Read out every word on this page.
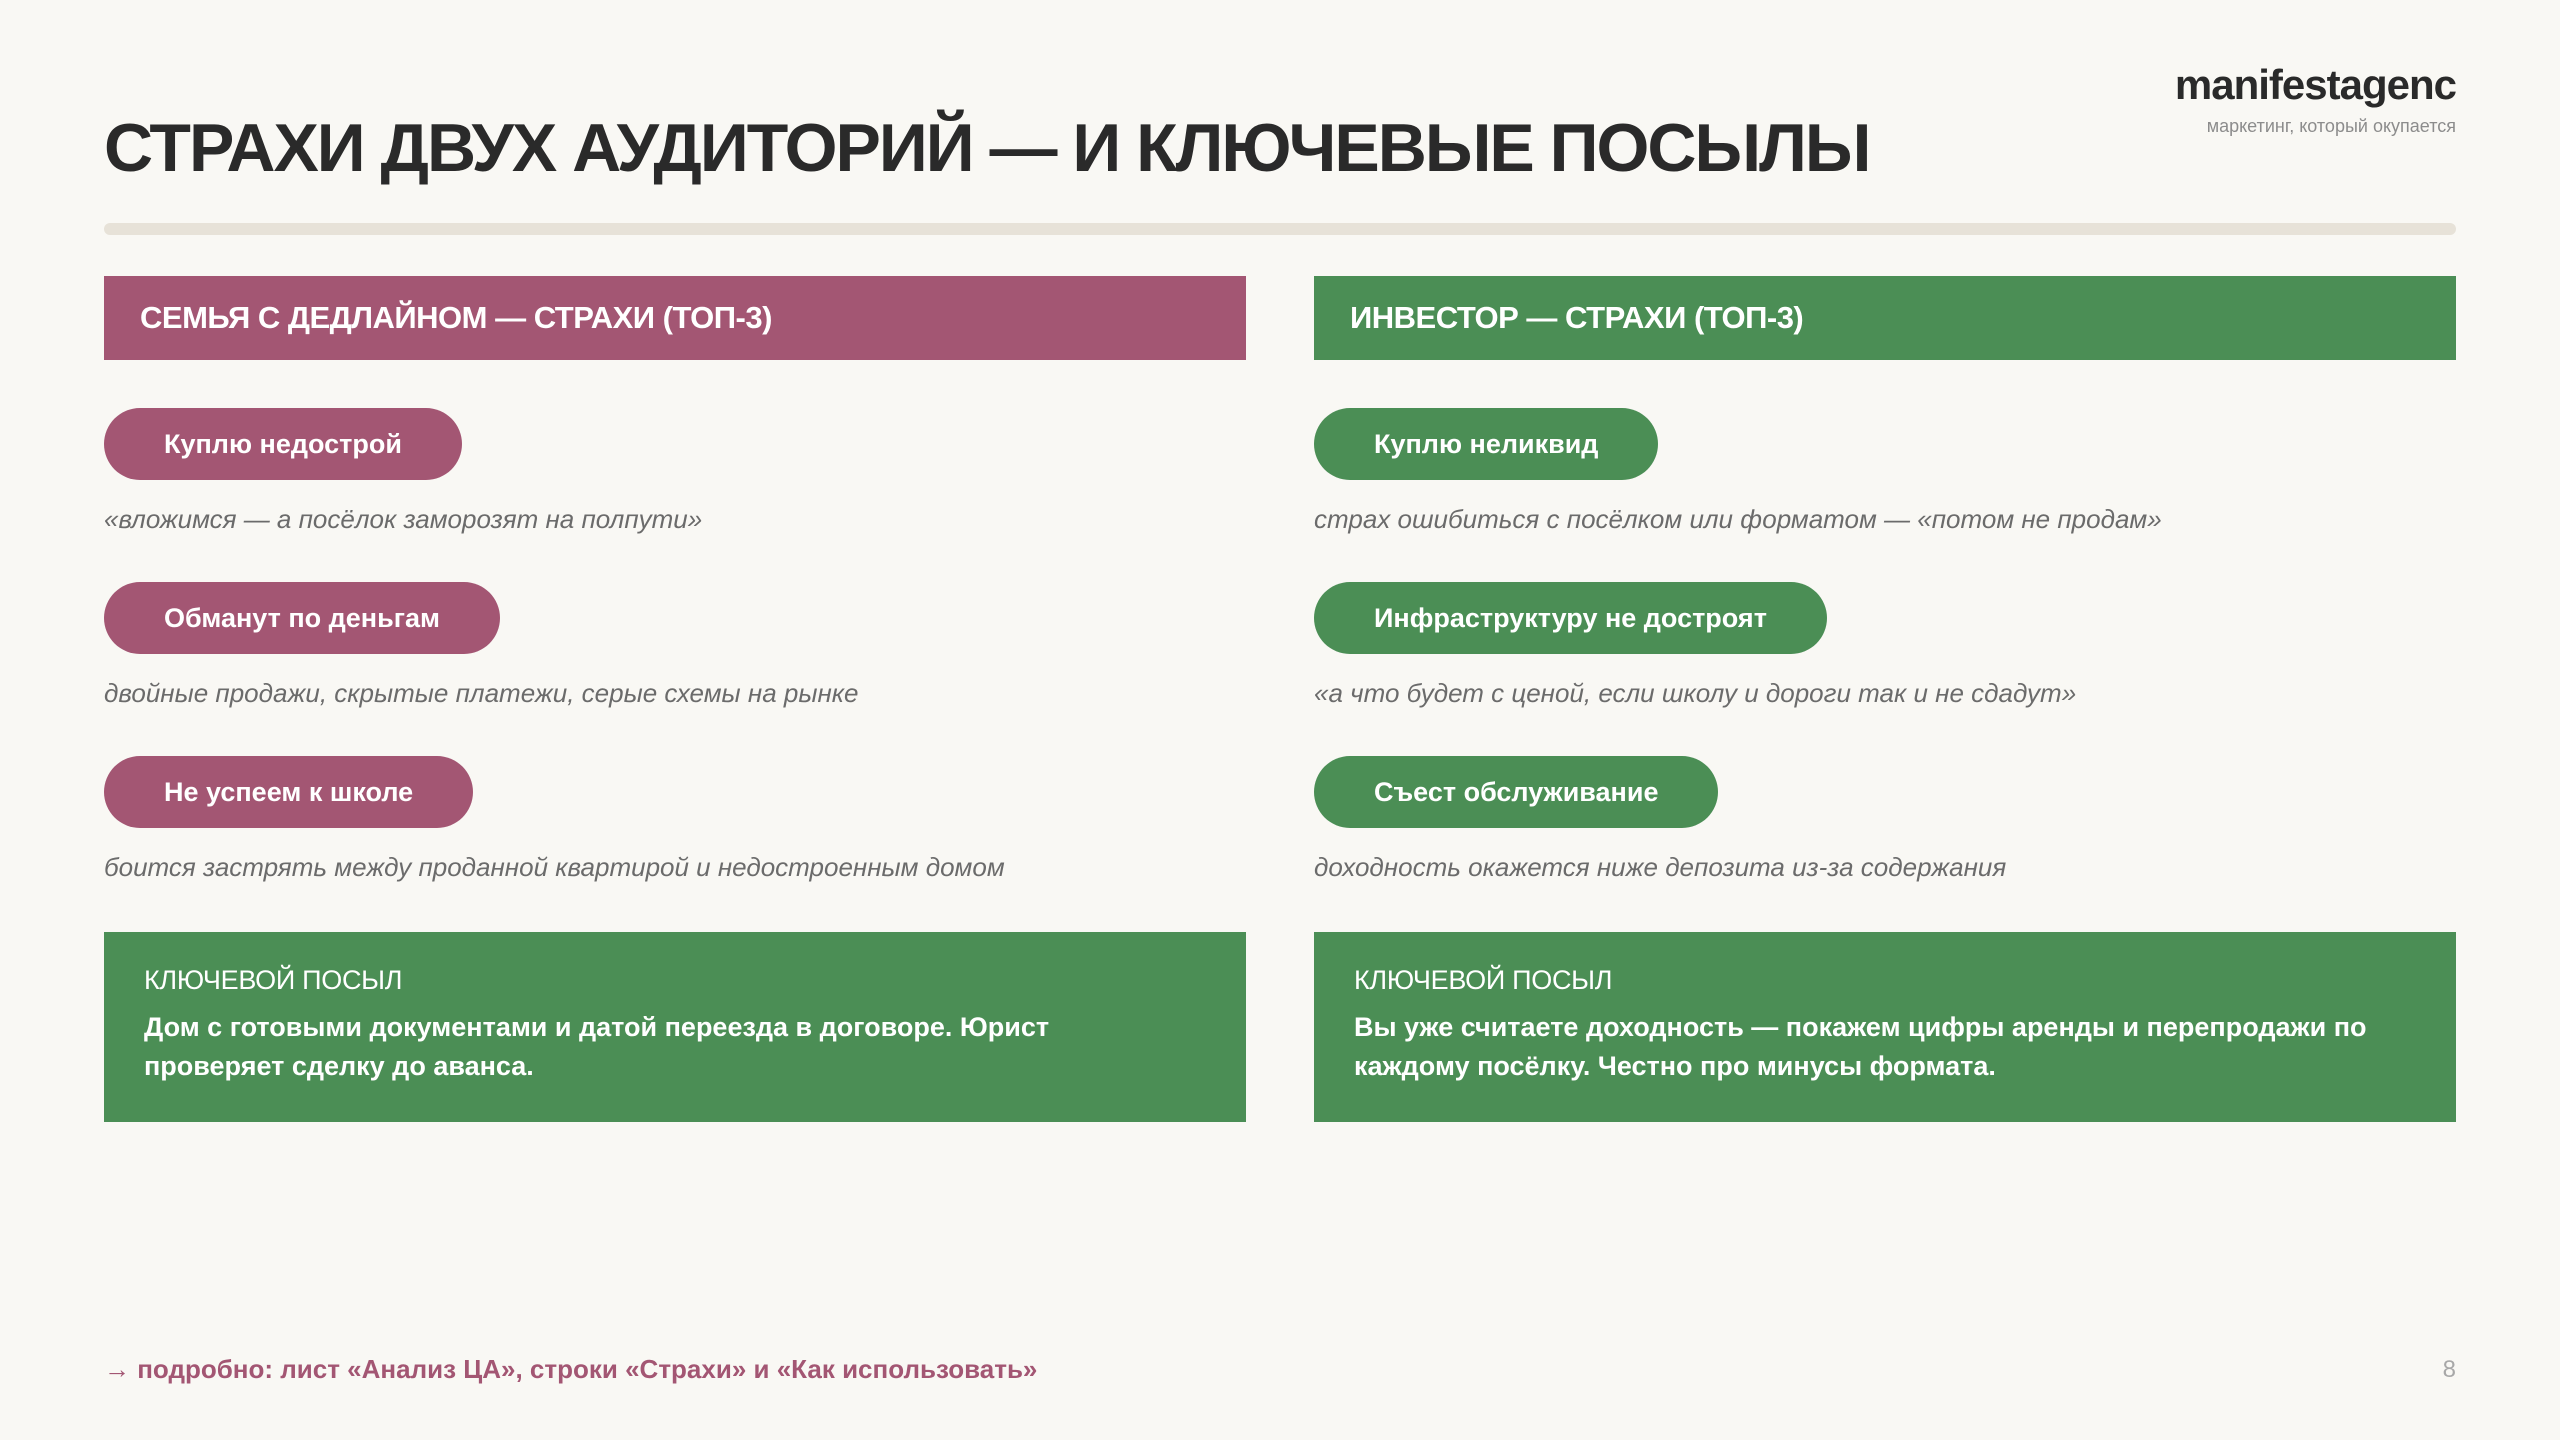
СТРАХИ ДВУХ АУДИТОРИЙ — И КЛЮЧЕВЫЕ ПОСЫЛЫ
manifestagenc
маркетинг, который окупается
СЕМЬЯ С ДЕДЛАЙНОМ — СТРАХИ (ТОП-3)
Куплю недострой
«вложимся — а посёлок заморозят на полпути»
Обманут по деньгам
двойные продажи, скрытые платежи, серые схемы на рынке
Не успеем к школе
боится застрять между проданной квартирой и недостроенным домом
КЛЮЧЕВОЙ ПОСЫЛ
Дом с готовыми документами и датой переезда в договоре. Юрист
проверяет сделку до аванса.
ИНВЕСТОР — СТРАХИ (ТОП-3)
Куплю неликвид
страх ошибиться с посёлком или форматом — «потом не продам»
Инфраструктуру не достроят
«а что будет с ценой, если школу и дороги так и не сдадут»
Съест обслуживание
доходность окажется ниже депозита из-за содержания
КЛЮЧЕВОЙ ПОСЫЛ
Вы уже считаете доходность — покажем цифры аренды и перепродажи по
каждому посёлку. Честно про минусы формата.
→ подробно: лист «Анализ ЦА», строки «Страхи» и «Как использовать»	8
